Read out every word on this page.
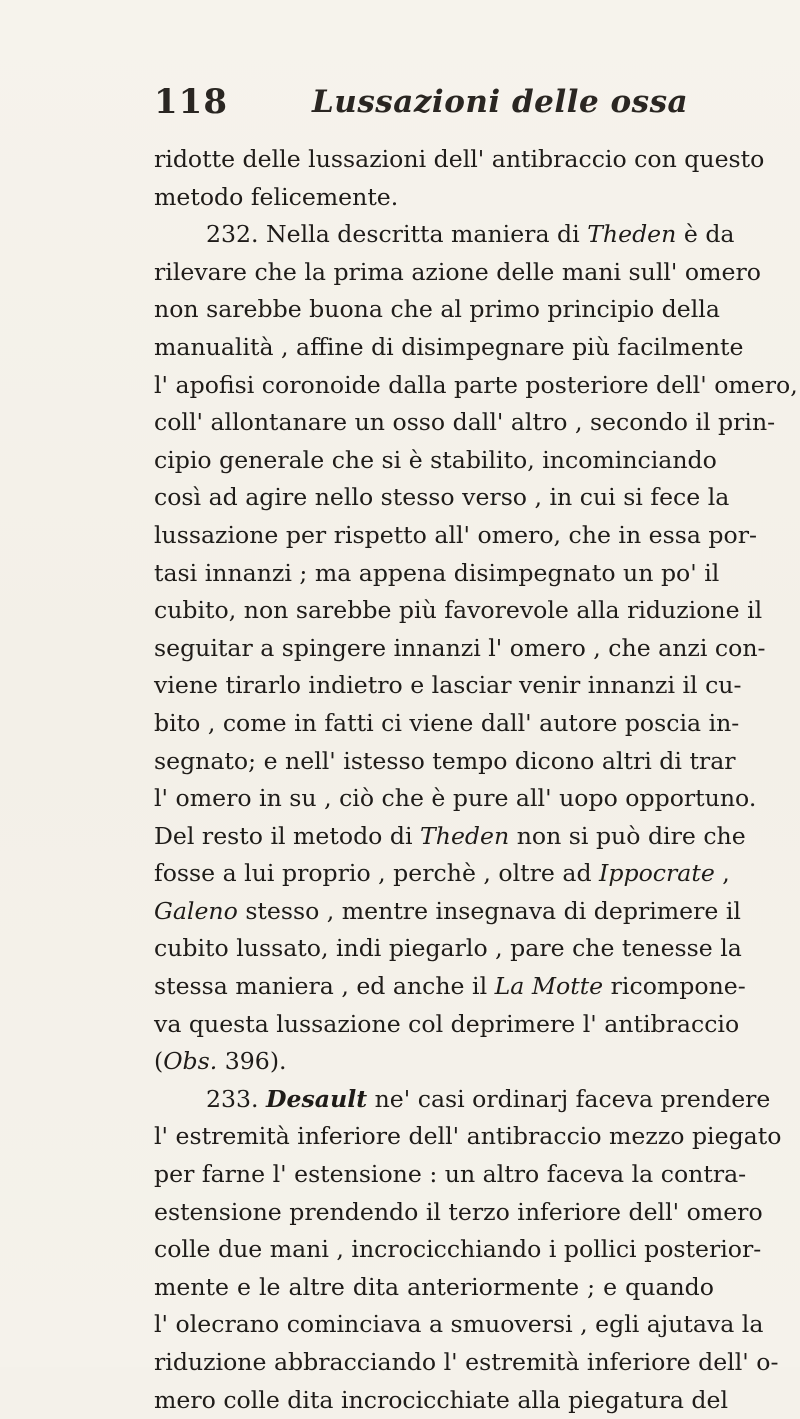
118	Lussazioni delle ossa
ridotte delle lussazioni dell' antibraccio con questo
metodo felicemente.
232. Nella descritta maniera di Theden è da
rilevare che la prima azione delle mani sull' omero
non sarebbe buona che al primo principio della
manualità , affine di disimpegnare più facilmente
l' apofisi coronoide dalla parte posteriore dell' omero,
coll' allontanare un osso dall' altro , secondo il prin-
cipio generale che si è stabilito, incominciando
così ad agire nello stesso verso , in cui si fece la
lussazione per rispetto all' omero, che in essa por-
tasi innanzi ; ma appena disimpegnato un po' il
cubito, non sarebbe più favorevole alla riduzione il
seguitar a spingere innanzi l' omero , che anzi con-
viene tirarlo indietro e lasciar venir innanzi il cu-
bito , come in fatti ci viene dall' autore poscia in-
segnato; e nell' istesso tempo dicono altri di trar
l' omero in su , ciò che è pure all' uopo opportuno.
Del resto il metodo di Theden non si può dire che
fosse a lui proprio , perchè , oltre ad Ippocrate ,
Galeno stesso , mentre insegnava di deprimere il
cubito lussato, indi piegarlo , pare che tenesse la
stessa maniera , ed anche il La Motte ricompone-
va questa lussazione col deprimere l' antibraccio
(Obs. 396).
233. Desault ne' casi ordinarj faceva prendere
l' estremità inferiore dell' antibraccio mezzo piegato
per farne l' estensione : un altro faceva la contra-
estensione prendendo il terzo inferiore dell' omero
colle due mani , incrocicchiando i pollici posterior-
mente e le altre dita anteriormente ; e quando
l' olecrano cominciava a smuoversi , egli ajutava la
riduzione abbracciando l' estremità inferiore dell' o-
mero colle dita incrocicchiate alla piegatura del
